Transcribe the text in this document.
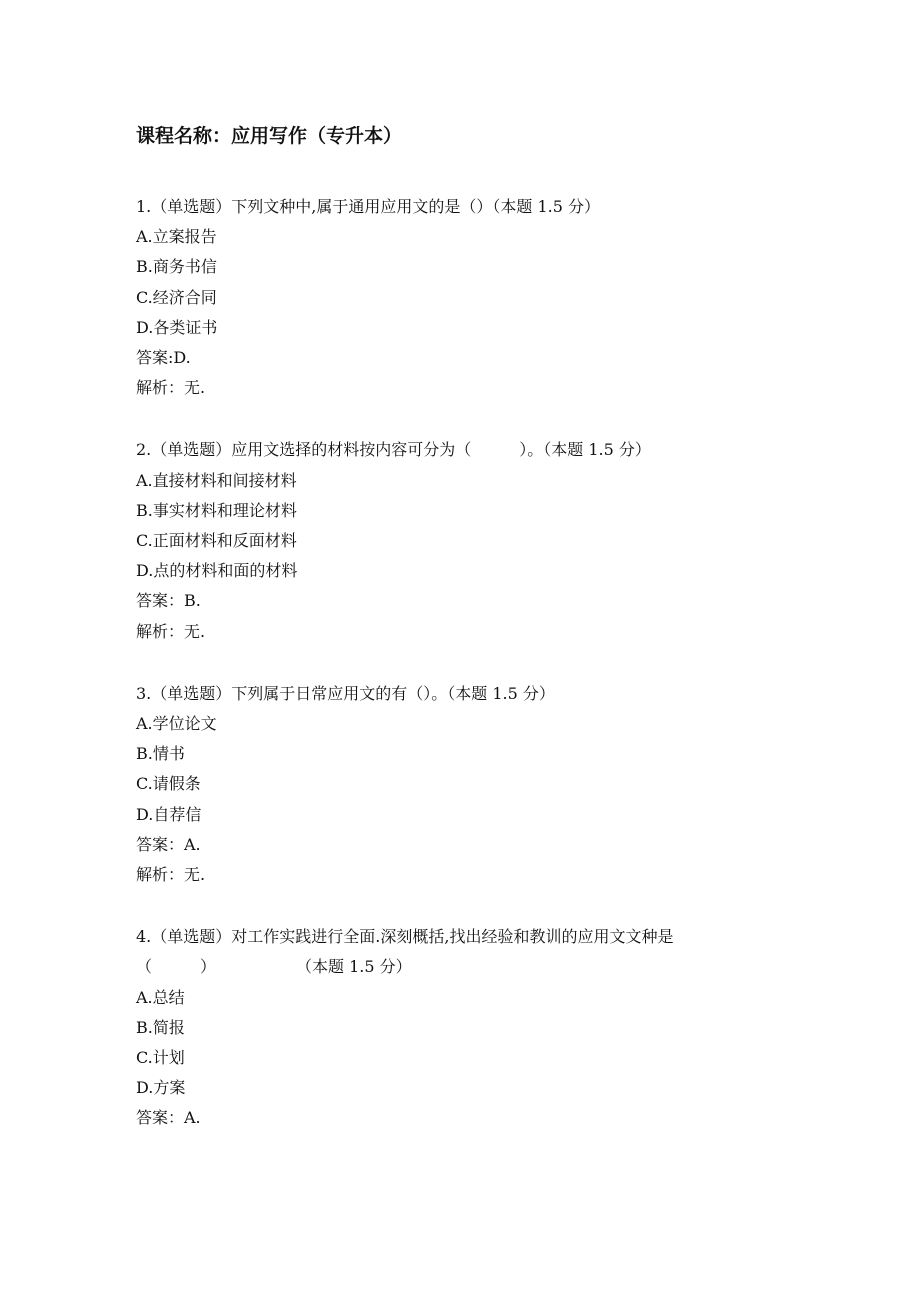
课程名称：应用写作（专升本）
1.（单选题）下列文种中,属于通用应用文的是（）（本题 1.5 分）
A.立案报告
B.商务书信
C.经济合同
D.各类证书
答案:D.
解析：无.
2.（单选题）应用文选择的材料按内容可分为（　　　）。（本题 1.5 分）
A.直接材料和间接材料
B.事实材料和理论材料
C.正面材料和反面材料
D.点的材料和面的材料
答案：B.
解析：无.
3.（单选题）下列属于日常应用文的有（）。（本题 1.5 分）
A.学位论文
B.情书
C.请假条
D.自荐信
答案：A.
解析：无.
4.（单选题）对工作实践进行全面.深刻概括,找出经验和教训的应用文文种是
（　　　）　　　　　　（本题 1.5 分）
A.总结
B.简报
C.计划
D.方案
答案：A.
